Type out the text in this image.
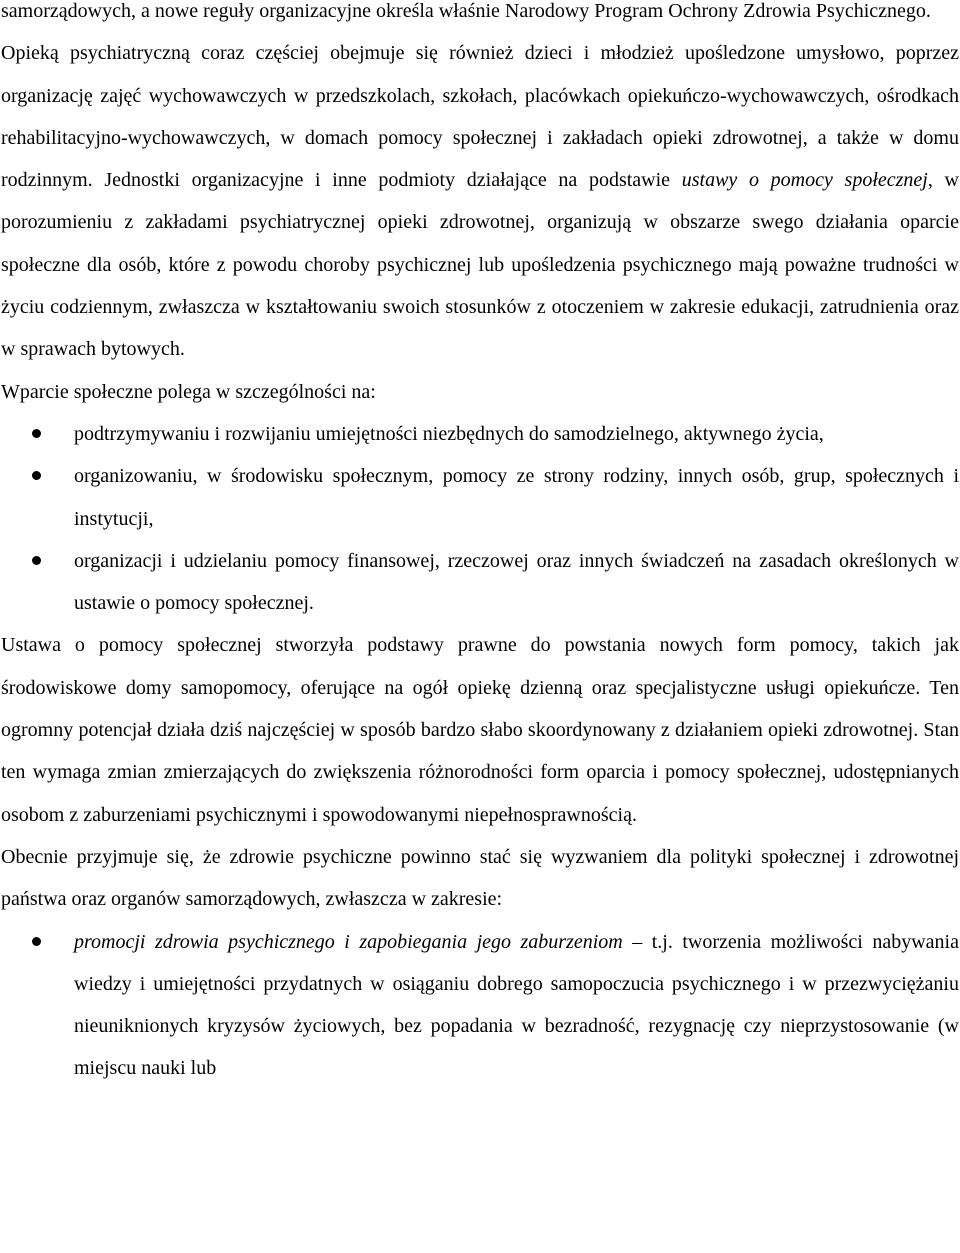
samorządowych, a nowe reguły organizacyjne określa właśnie Narodowy Program Ochrony Zdrowia Psychicznego.

Opieką psychiatryczną coraz częściej obejmuje się również dzieci i młodzież upośledzone umysłowo, poprzez organizację zajęć wychowawczych w przedszkolach, szkołach, placówkach opiekuńczo-wychowawczych, ośrodkach rehabilitacyjno-wychowawczych, w domach pomocy społecznej i zakładach opieki zdrowotnej, a także w domu rodzinnym. Jednostki organizacyjne i inne podmioty działające na podstawie ustawy o pomocy społecznej, w porozumieniu z zakładami psychiatrycznej opieki zdrowotnej, organizują w obszarze swego działania oparcie społeczne dla osób, które z powodu choroby psychicznej lub upośledzenia psychicznego mają poważne trudności w życiu codziennym, zwłaszcza w kształtowaniu swoich stosunków z otoczeniem w zakresie edukacji, zatrudnienia oraz w sprawach bytowych.

Wparcie społeczne polega w szczególności na:

podtrzymywaniu i rozwijaniu umiejętności niezbędnych do samodzielnego, aktywnego życia,
organizowaniu, w środowisku społecznym, pomocy ze strony rodziny, innych osób, grup, społecznych i instytucji,
organizacji i udzielaniu pomocy finansowej, rzeczowej oraz innych świadczeń na zasadach określonych w ustawie o pomocy społecznej.

Ustawa o pomocy społecznej stworzyła podstawy prawne do powstania nowych form pomocy, takich jak środowiskowe domy samopomocy, oferujące na ogół opiekę dzienną oraz specjalistyczne usługi opiekuńcze. Ten ogromny potencjał działa dziś najczęściej w sposób bardzo słabo skoordynowany z działaniem opieki zdrowotnej. Stan ten wymaga zmian zmierzających do zwiększenia różnorodności form oparcia i pomocy społecznej, udostępnianych osobom z zaburzeniami psychicznymi i spowodowanymi niepełnosprawnością.

Obecnie przyjmuje się, że zdrowie psychiczne powinno stać się wyzwaniem dla polityki społecznej i zdrowotnej państwa oraz organów samorządowych, zwłaszcza w zakresie:

promocji zdrowia psychicznego i zapobiegania jego zaburzeniom – t.j. tworzenia możliwości nabywania wiedzy i umiejętności przydatnych w osiąganiu dobrego samopoczucia psychicznego i w przezwyciężaniu nieuniknionych kryzysów życiowych, bez popadania w bezradność, rezygnację czy nieprzystosowanie (w miejscu nauki lub
